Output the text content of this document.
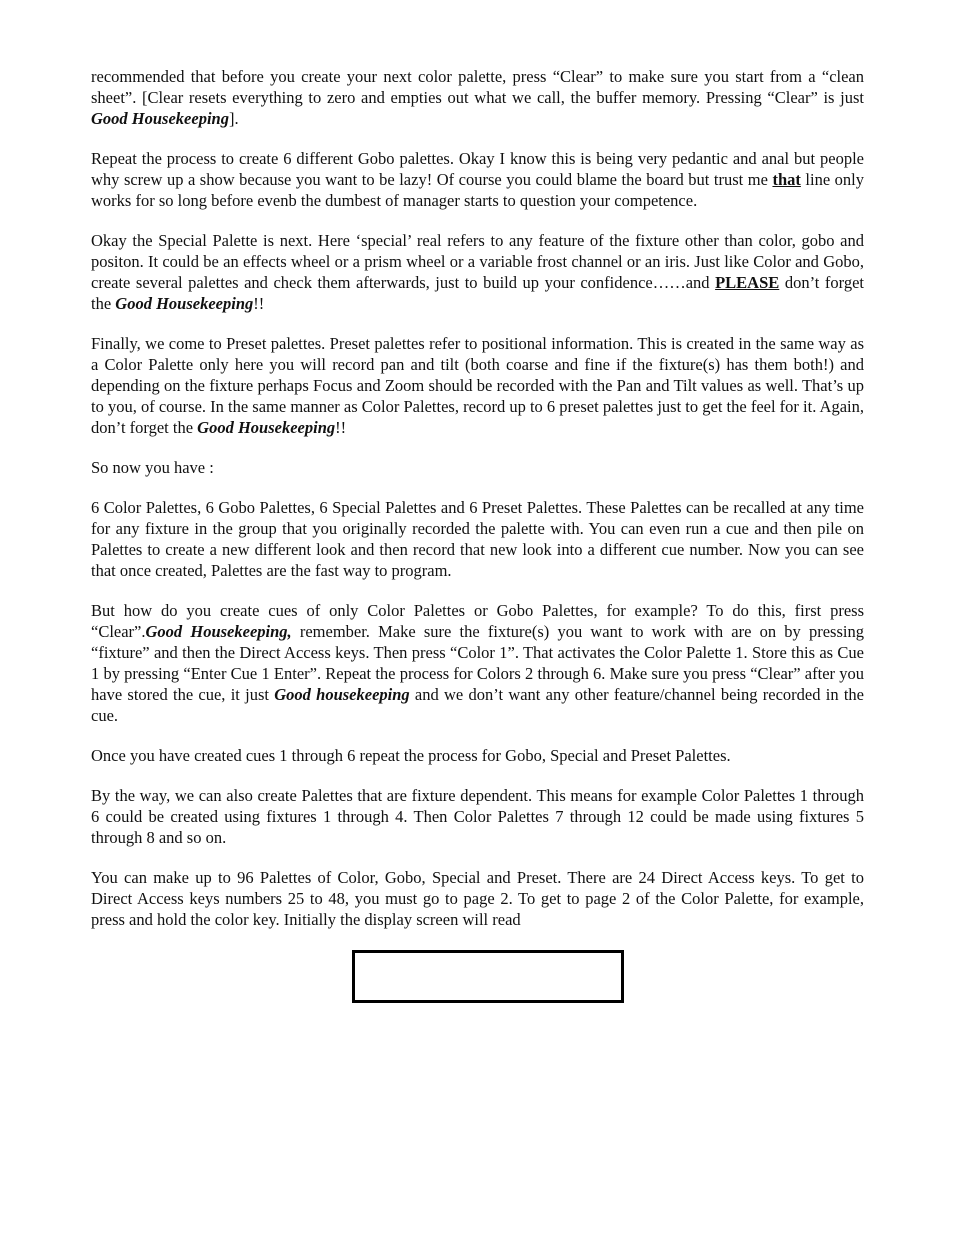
recommended that before you create your next color palette, press “Clear” to make sure you start from a “clean sheet”. [Clear resets everything to zero and empties out what we call, the buffer memory. Pressing “Clear” is just Good Housekeeping].

Repeat the process to create 6 different Gobo palettes. Okay I know this is being very pedantic and anal but people why screw up a show because you want to be lazy! Of course you could blame the board but trust me that line only works for so long before evenb the dumbest of manager starts to question your competence.

Okay the Special Palette is next. Here ‘special’ real refers to any feature of the fixture other than color, gobo and positon. It could be an effects wheel or a prism wheel or a variable frost channel or an iris. Just like Color and Gobo, create several palettes and check them afterwards, just to build up your confidence……and PLEASE don’t forget the Good Housekeeping!!

Finally, we come to Preset palettes. Preset palettes refer to positional information. This is created in the same way as a Color Palette only here you will record pan and tilt (both coarse and fine if the fixture(s) has them both!) and depending on the fixture perhaps Focus and Zoom should be recorded with the Pan and Tilt values as well. That’s up to you, of course. In the same manner as Color Palettes, record up to 6 preset palettes just to get the feel for it. Again, don’t forget the Good Housekeeping!!

So now you have :

6 Color Palettes, 6 Gobo Palettes, 6 Special Palettes and 6 Preset Palettes. These Palettes can be recalled at any time for any fixture in the group that you originally recorded the palette with. You can even run a cue and then pile on Palettes to create a new different look and then record that new look into a different cue number. Now you can see that once created, Palettes are the fast way to program.

But how do you create cues of only Color Palettes or Gobo Palettes, for example? To do this, first press “Clear”.Good Housekeeping, remember. Make sure the fixture(s) you want to work with are on by pressing “fixture” and then the Direct Access keys. Then press “Color 1”. That activates the Color Palette 1. Store this as Cue 1 by pressing “Enter Cue 1 Enter”. Repeat the process for Colors 2 through 6. Make sure you press “Clear” after you have stored the cue, it just Good housekeeping and we don’t want any other feature/channel being recorded in the cue.

Once you have created cues 1 through 6 repeat the process for Gobo, Special and Preset Palettes.

By the way, we can also create Palettes that are fixture dependent. This means for example Color Palettes 1 through 6 could be created using fixtures 1 through 4. Then Color Palettes 7 through 12 could be made using fixtures 5 through 8 and so on.

You can make up to 96 Palettes of Color, Gobo, Special and Preset. There are 24 Direct Access keys. To get to Direct Access keys numbers 25 to 48, you must go to page 2. To get to page 2 of the Color Palette, for example, press and hold the color key. Initially the display screen will read
